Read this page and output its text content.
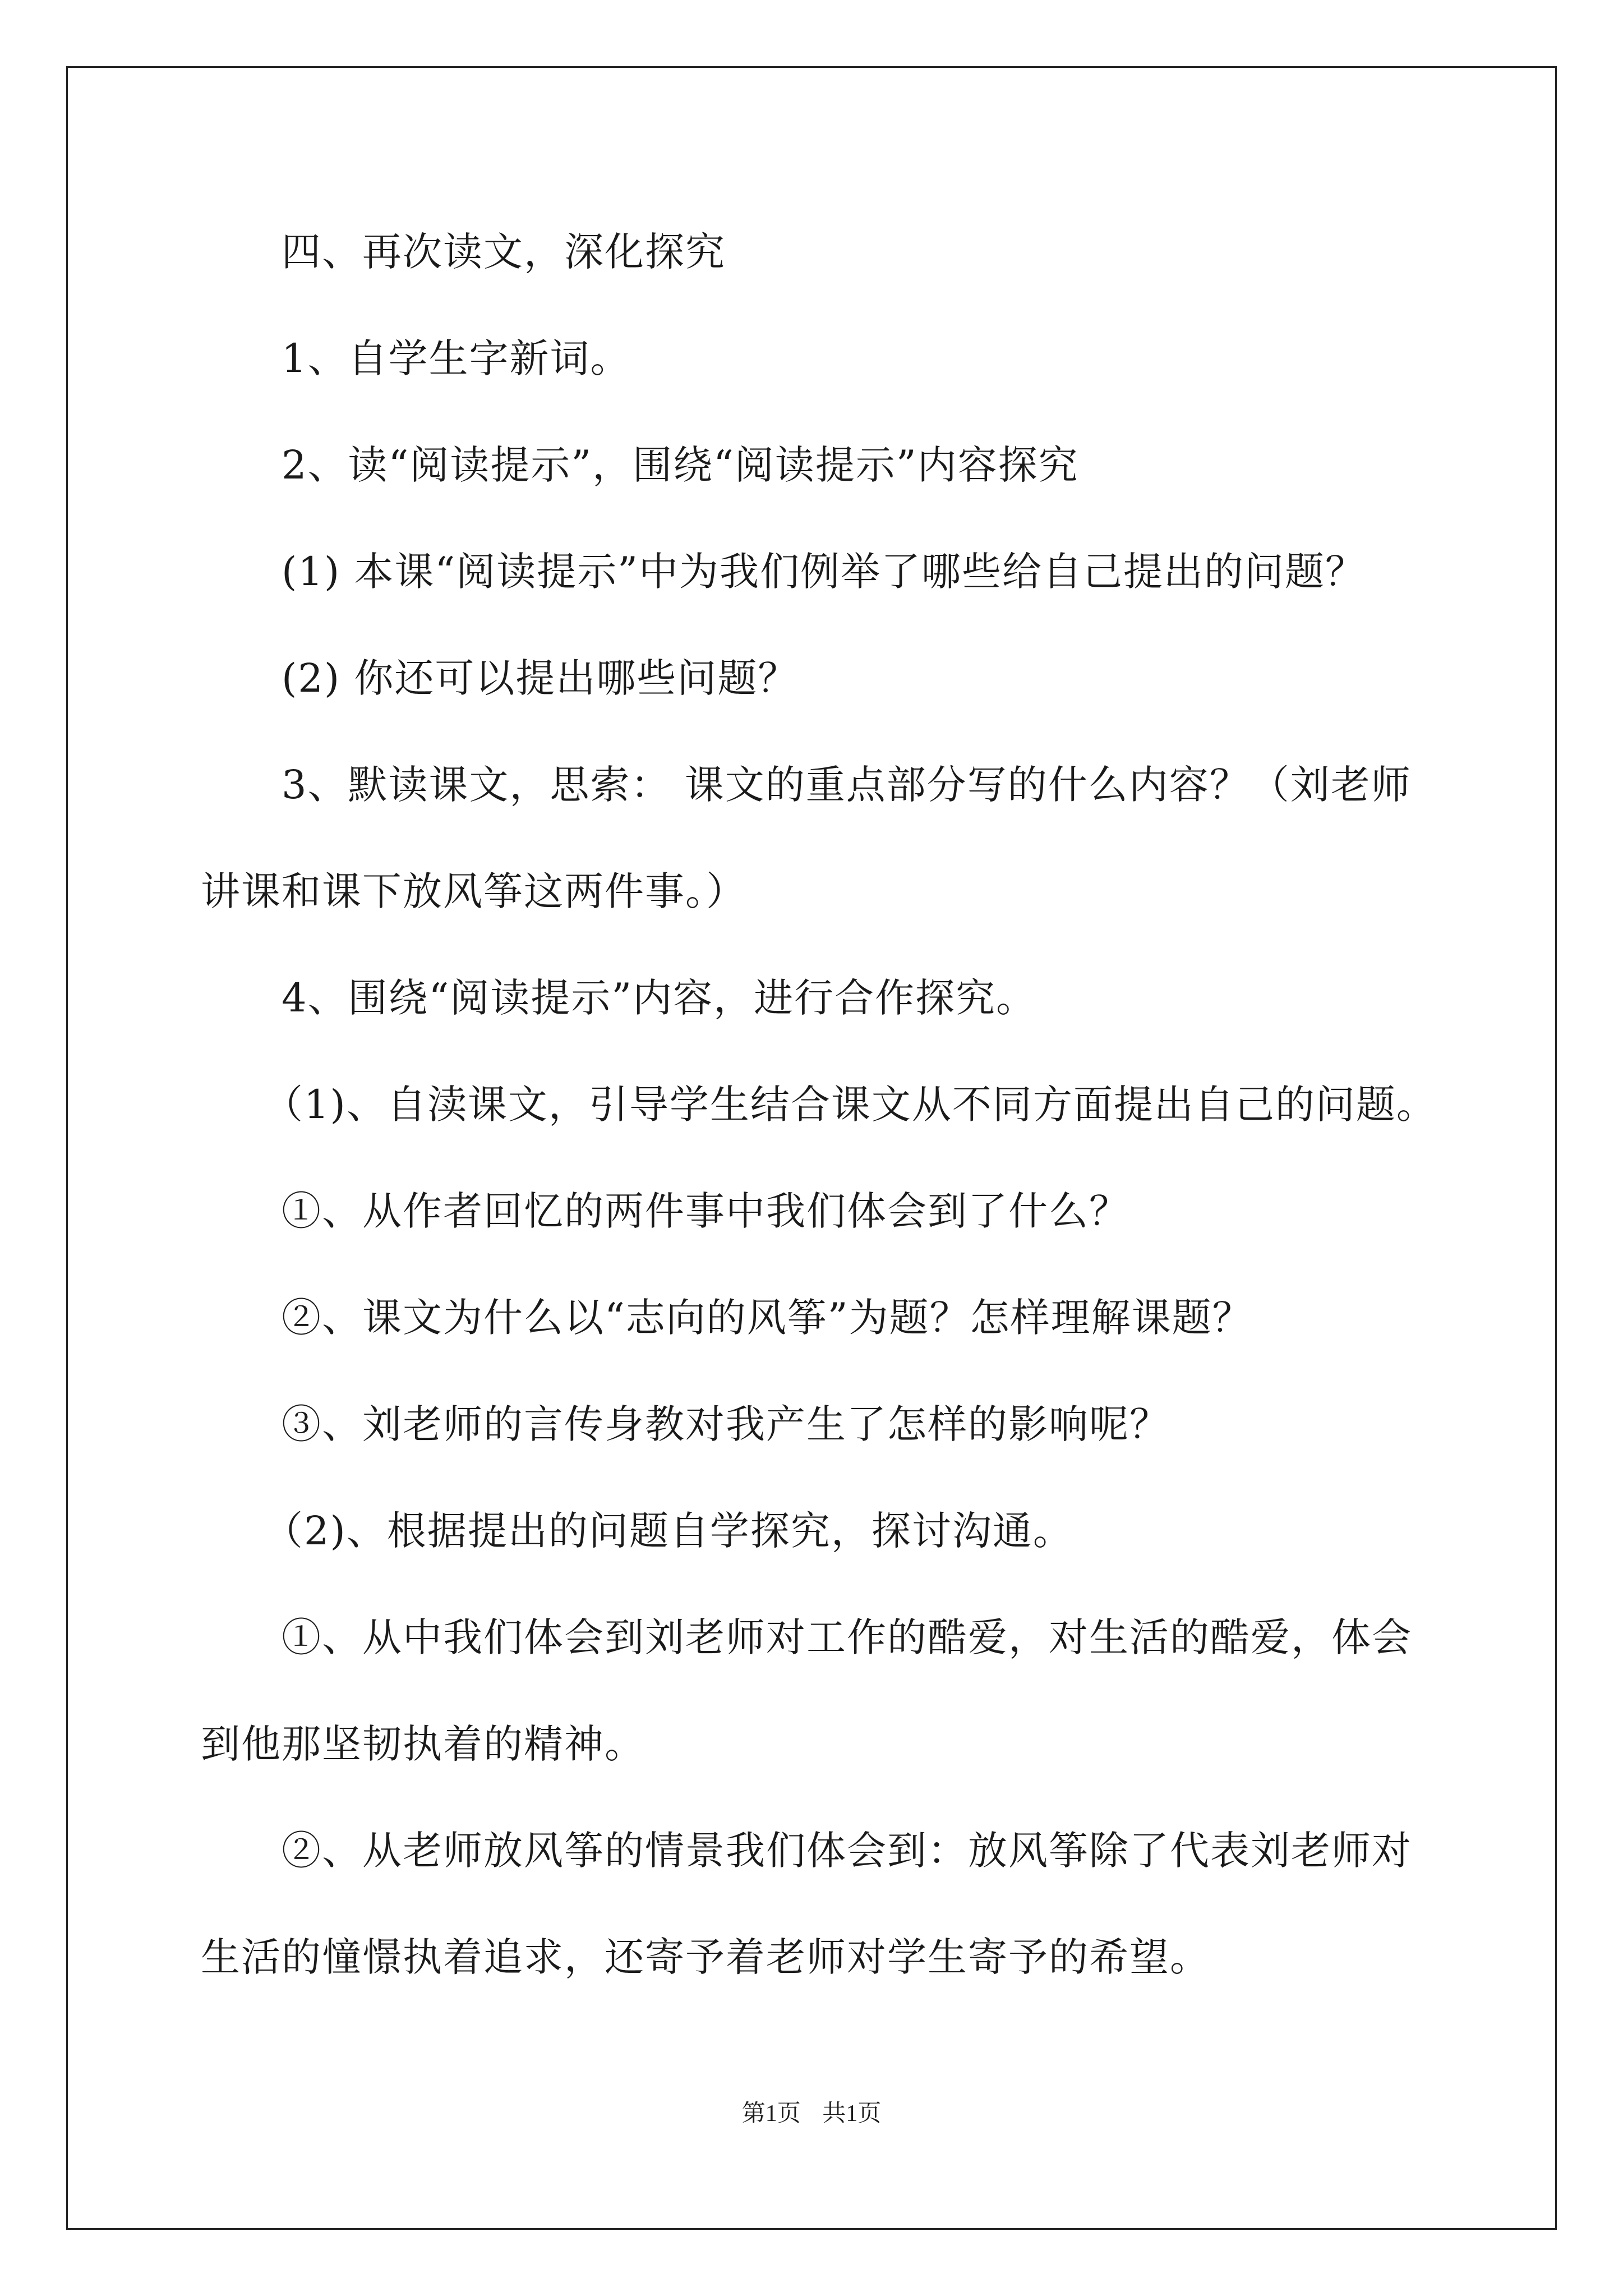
四、再次读文，深化探究
1、自学生字新词。
2、读“阅读提示”，围绕“阅读提示”内容探究
(1) 本课“阅读提示”中为我们例举了哪些给自己提出的问题？
(2) 你还可以提出哪些问题？
3、默读课文，思索： 课文的重点部分写的什么内容？（刘老师
讲课和课下放风筝这两件事。）
4、围绕“阅读提示”内容，进行合作探究。
（1)、自渎课文，引导学生结合课文从不同方面提出自己的问题。
①、从作者回忆的两件事中我们体会到了什么？
②、课文为什么以“志向的风筝”为题？怎样理解课题？
③、刘老师的言传身教对我产生了怎样的影响呢？
（2)、根据提出的问题自学探究，探讨沟通。
①、从中我们体会到刘老师对工作的酷爱，对生活的酷爱，体会
到他那坚韧执着的精神。
②、从老师放风筝的情景我们体会到：放风筝除了代表刘老师对
生活的憧憬执着追求，还寄予着老师对学生寄予的希望。
第1页 共1页
